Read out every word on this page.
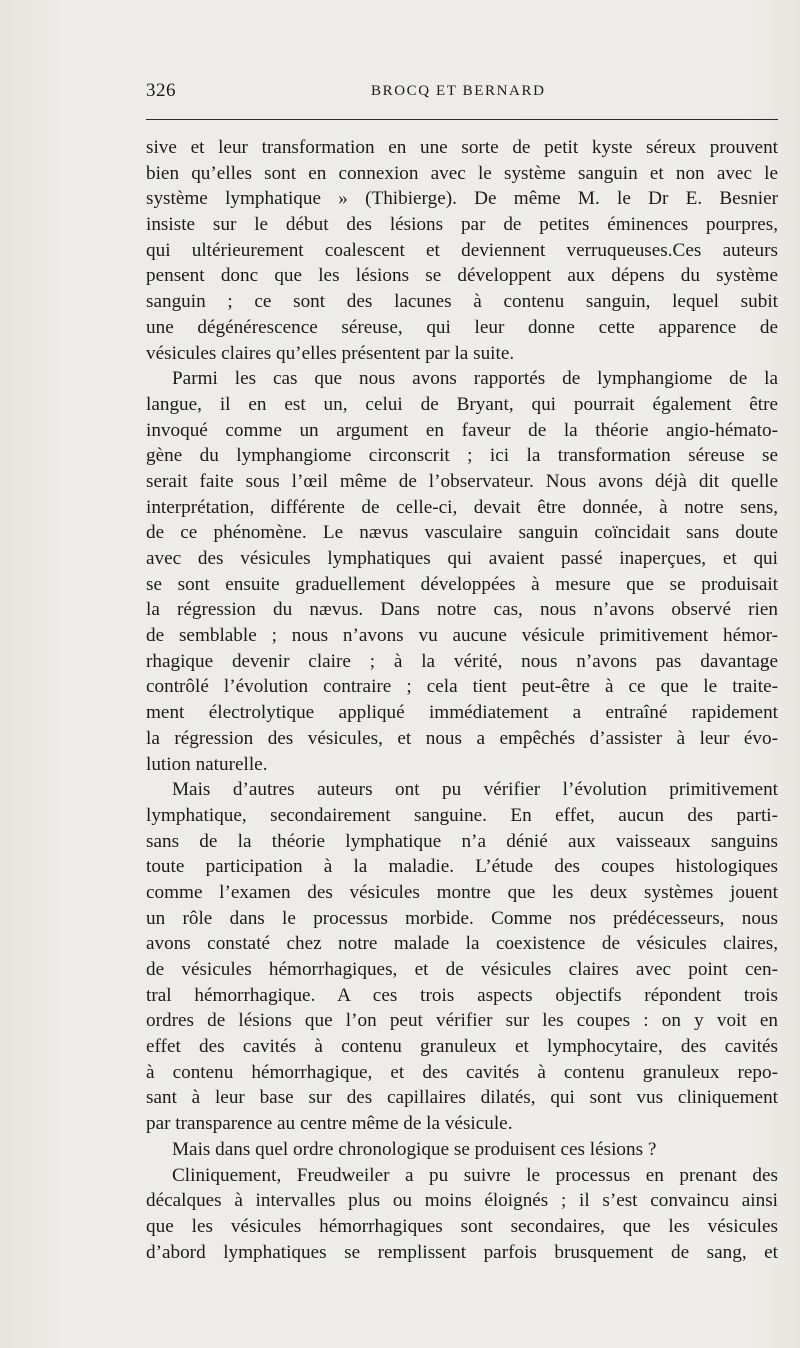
326	BROCQ ET BERNARD
sive et leur transformation en une sorte de petit kyste séreux prouvent
bien qu’elles sont en connexion avec le système sanguin et non avec le
système lymphatique » (Thibierge). De même M. le Dr E. Besnier
insiste sur le début des lésions par de petites éminences pourpres,
qui ultérieurement coalescent et deviennent verruqueuses.Ces auteurs
pensent donc que les lésions se développent aux dépens du système
sanguin ; ce sont des lacunes à contenu sanguin, lequel subit
une dégénérescence séreuse, qui leur donne cette apparence de
vésicules claires qu’elles présentent par la suite.
Parmi les cas que nous avons rapportés de lymphangiome de la
langue, il en est un, celui de Bryant, qui pourrait également être
invoqué comme un argument en faveur de la théorie angio-hémato-
gène du lymphangiome circonscrit ; ici la transformation séreuse se
serait faite sous l’œil même de l’observateur. Nous avons déjà dit quelle
interprétation, différente de celle-ci, devait être donnée, à notre sens,
de ce phénomène. Le nævus vasculaire sanguin coïncidait sans doute
avec des vésicules lymphatiques qui avaient passé inaperçues, et qui
se sont ensuite graduellement développées à mesure que se produisait
la régression du nævus. Dans notre cas, nous n’avons observé rien
de semblable ; nous n’avons vu aucune vésicule primitivement hémor-
rhagique devenir claire ; à la vérité, nous n’avons pas davantage
contrôlé l’évolution contraire ; cela tient peut-être à ce que le traite-
ment électrolytique appliqué immédiatement a entraîné rapidement
la régression des vésicules, et nous a empêchés d’assister à leur évo-
lution naturelle.
Mais d’autres auteurs ont pu vérifier l’évolution primitivement
lymphatique, secondairement sanguine. En effet, aucun des parti-
sans de la théorie lymphatique n’a dénié aux vaisseaux sanguins
toute participation à la maladie. L’étude des coupes histologiques
comme l’examen des vésicules montre que les deux systèmes jouent
un rôle dans le processus morbide. Comme nos prédécesseurs, nous
avons constaté chez notre malade la coexistence de vésicules claires,
de vésicules hémorrhagiques, et de vésicules claires avec point cen-
tral hémorrhagique. A ces trois aspects objectifs répondent trois
ordres de lésions que l’on peut vérifier sur les coupes : on y voit en
effet des cavités à contenu granuleux et lymphocytaire, des cavités
à contenu hémorrhagique, et des cavités à contenu granuleux repo-
sant à leur base sur des capillaires dilatés, qui sont vus cliniquement
par transparence au centre même de la vésicule.
Mais dans quel ordre chronologique se produisent ces lésions ?
Cliniquement, Freudweiler a pu suivre le processus en prenant des
décalques à intervalles plus ou moins éloignés ; il s’est convaincu ainsi
que les vésicules hémorrhagiques sont secondaires, que les vésicules
d’abord lymphatiques se remplissent parfois brusquement de sang, et
